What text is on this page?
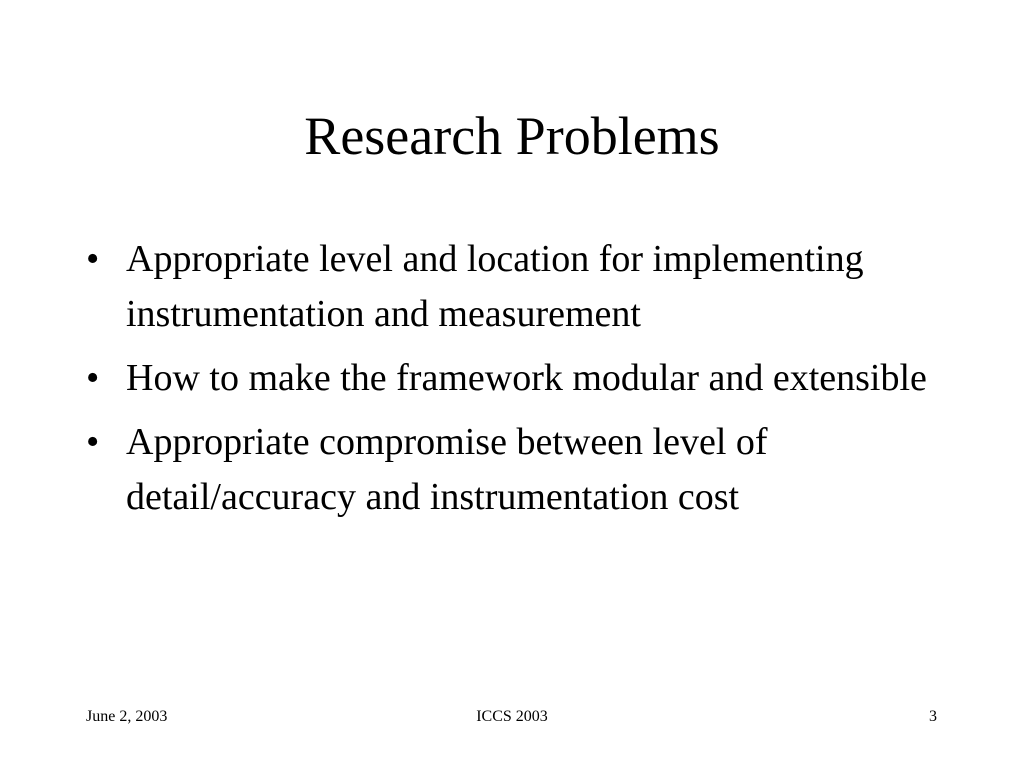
Research Problems
• Appropriate level and location for implementing instrumentation and measurement
• How to make the framework modular and extensible
• Appropriate compromise between level of detail/accuracy and instrumentation cost
June 2, 2003	ICCS 2003	3
